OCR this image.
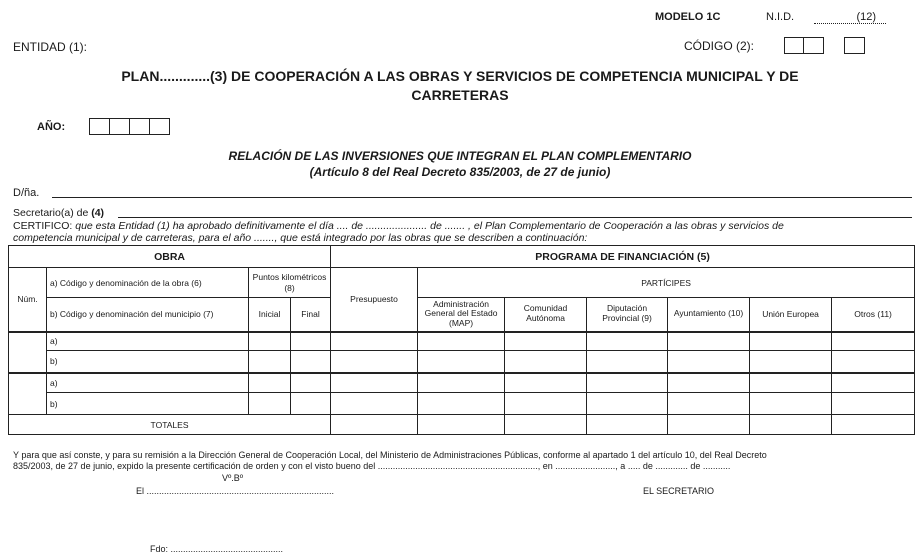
MODELO 1C	N.I.D.	(12)
ENTIDAD (1):	CÓDIGO (2):
PLAN.............(3) DE COOPERACIÓN A LAS OBRAS Y SERVICIOS DE COMPETENCIA MUNICIPAL Y DE
CARRETERAS
AÑO:
RELACIÓN DE LAS INVERSIONES QUE INTEGRAN EL PLAN COMPLEMENTARIO
(Artículo 8 del Real Decreto 835/2003, de 27 de junio)
D/ña.
Secretario(a) de (4)
CERTIFICO: que esta Entidad (1) ha aprobado definitivamente el día .... de ..................... de ....... , el Plan Complementario de Cooperación a las obras y servicios de
competencia municipal y de carreteras, para el año ......., que está integrado por las obras que se describen a continuación:
OBRA				PROGRAMA DE FINANCIACIÓN (5)						
Núm.	a) Código y denominación de la obra (6)	Puntos kilométricos (8)		Presupuesto	PARTÍCIPES					
	b) Código y denominación del municipio (7)	Inicial	Final		Administración General del Estado (MAP)	Comunidad Autónoma	Diputación Provincial (9)	Ayuntamiento (10)	Unión Europea	Otros (11)
	a)									
	b)									
	a)									
	b)									
TOTALES										
Y para que así conste, y para su remisión a la Dirección General de Cooperación Local, del Ministerio de Administraciones Públicas, conforme al apartado 1 del artículo 10, del Real Decreto
835/2003, de 27 de junio, expido la presente certificación de orden y con el visto bueno del ................................................................, en ........................, a ..... de ............. de ...........
Vº.Bº
El ...........................................................................	EL SECRETARIO
Fdo: .............................................
